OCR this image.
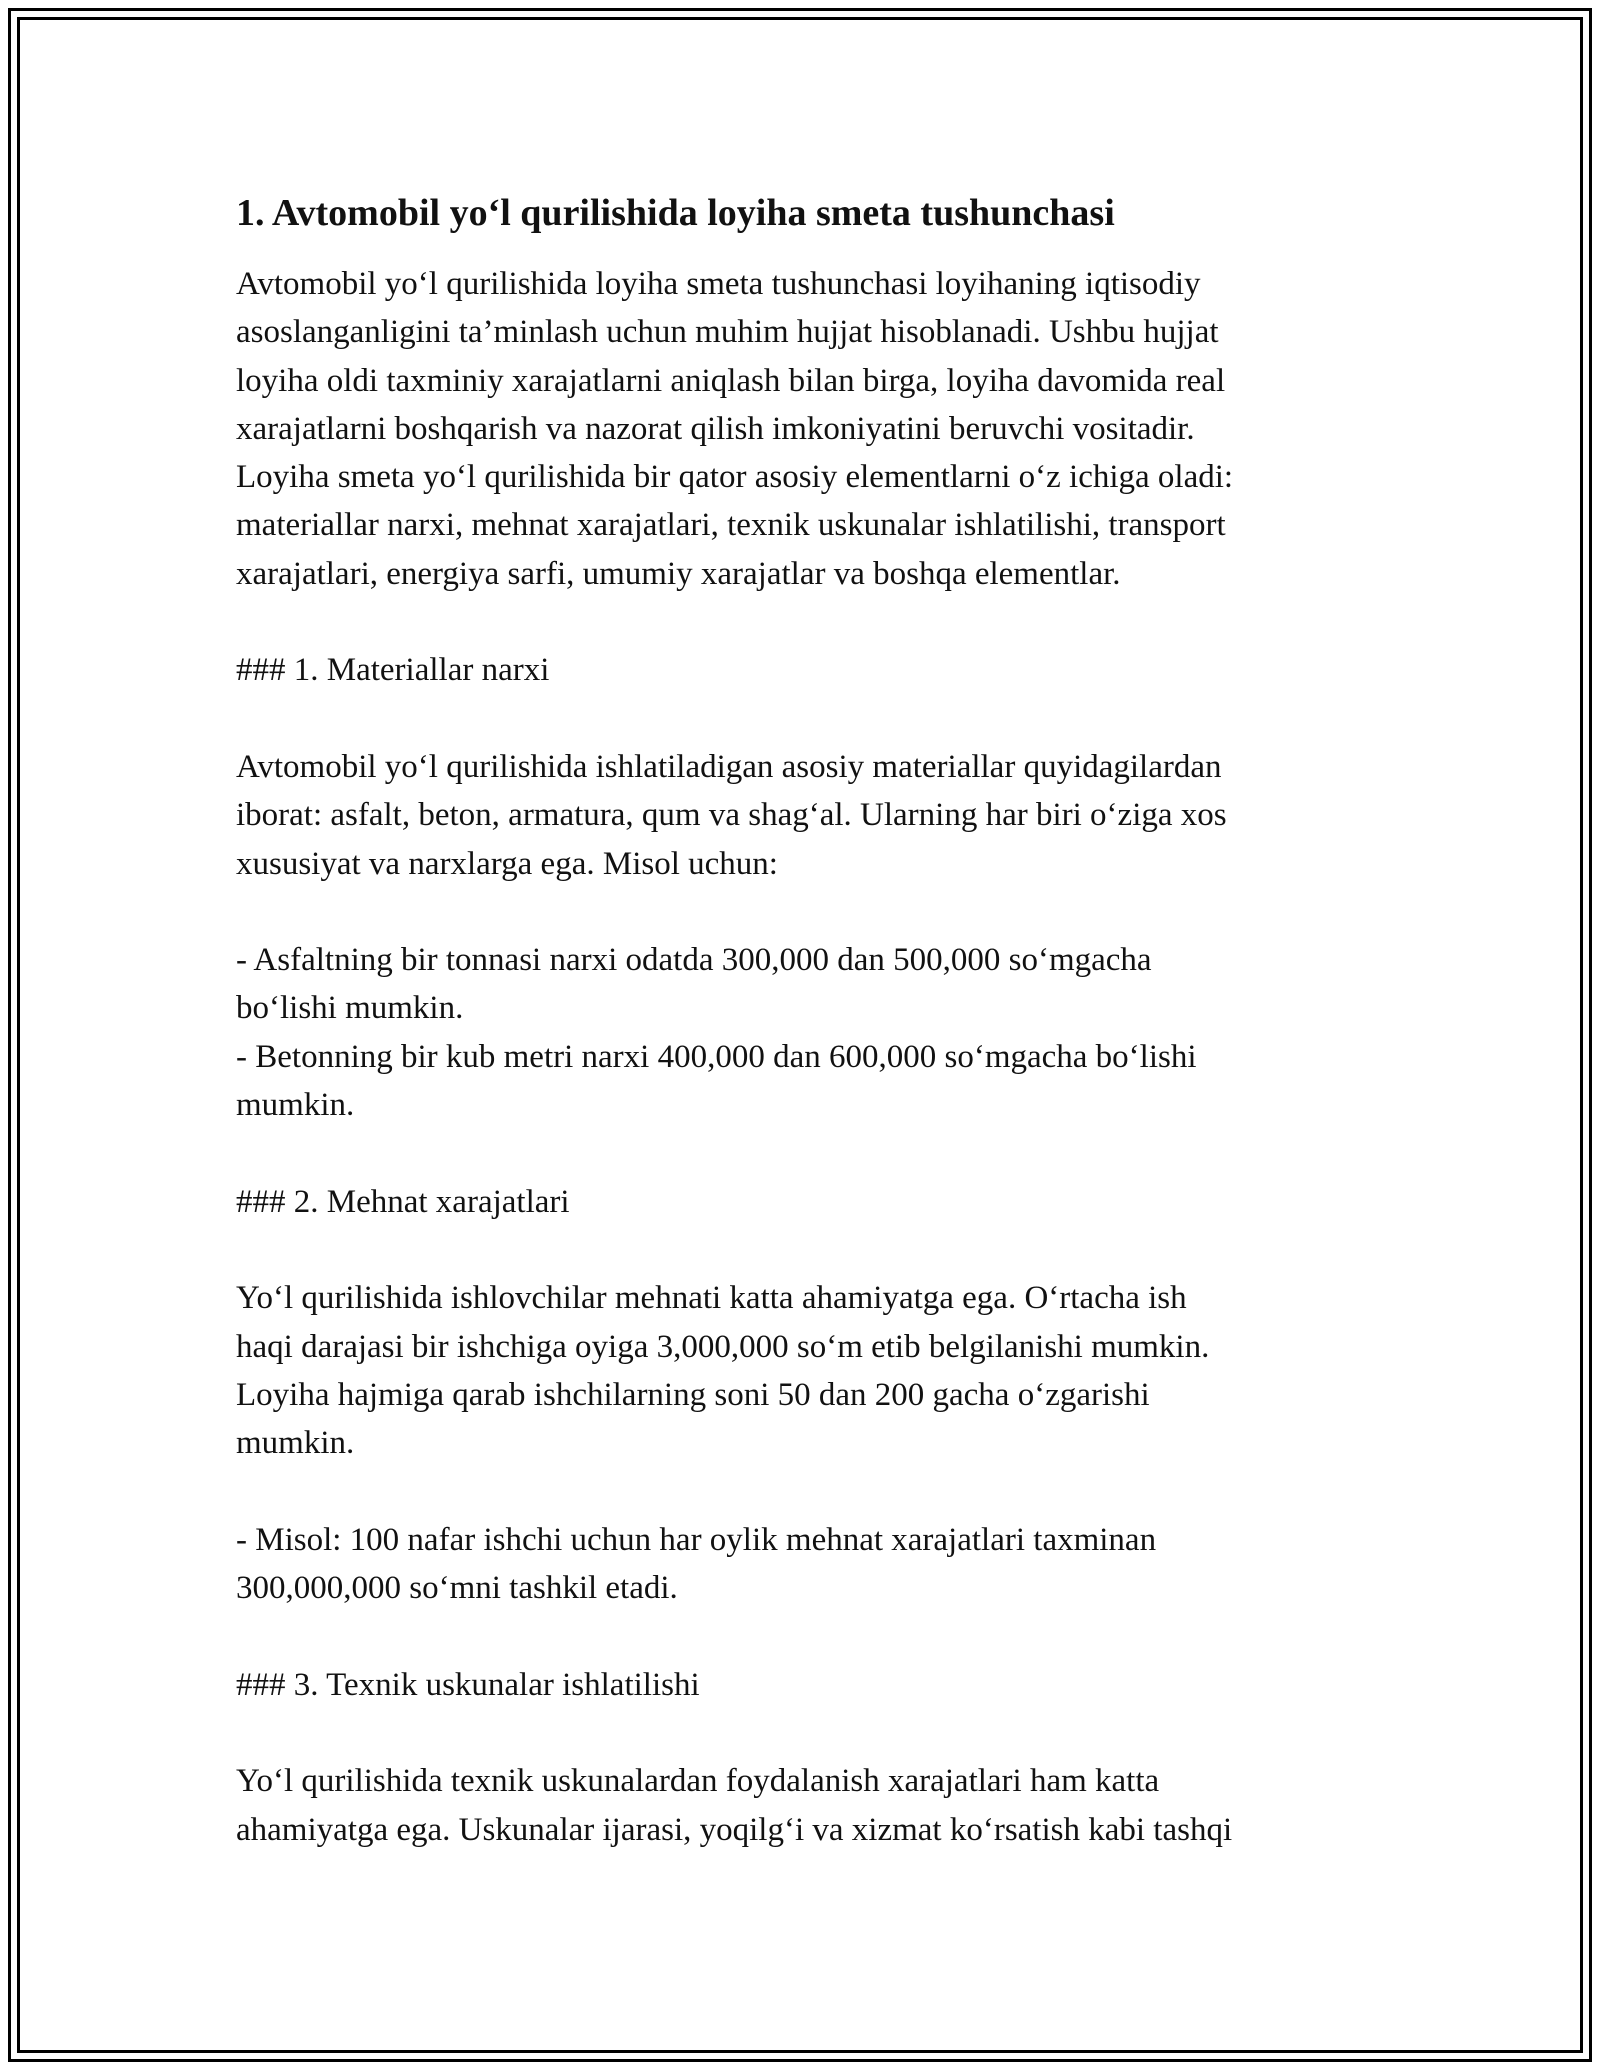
1. Avtomobil yo‘l qurilishida loyiha smeta tushunchasi

Avtomobil yo‘l qurilishida loyiha smeta tushunchasi loyihaning iqtisodiy
asoslanganligini ta’minlash uchun muhim hujjat hisoblanadi. Ushbu hujjat
loyiha oldi taxminiy xarajatlarni aniqlash bilan birga, loyiha davomida real
xarajatlarni boshqarish va nazorat qilish imkoniyatini beruvchi vositadir.
Loyiha smeta yo‘l qurilishida bir qator asosiy elementlarni o‘z ichiga oladi:
materiallar narxi, mehnat xarajatlari, texnik uskunalar ishlatilishi, transport
xarajatlari, energiya sarfi, umumiy xarajatlar va boshqa elementlar.

### 1. Materiallar narxi

Avtomobil yo‘l qurilishida ishlatiladigan asosiy materiallar quyidagilardan
iborat: asfalt, beton, armatura, qum va shag‘al. Ularning har biri o‘ziga xos
xususiyat va narxlarga ega. Misol uchun:

- Asfaltning bir tonnasi narxi odatda 300,000 dan 500,000 so‘mgacha
bo‘lishi mumkin.
- Betonning bir kub metri narxi 400,000 dan 600,000 so‘mgacha bo‘lishi
mumkin.

### 2. Mehnat xarajatlari

Yo‘l qurilishida ishlovchilar mehnati katta ahamiyatga ega. O‘rtacha ish
haqi darajasi bir ishchiga oyiga 3,000,000 so‘m etib belgilanishi mumkin.
Loyiha hajmiga qarab ishchilarning soni 50 dan 200 gacha o‘zgarishi
mumkin.

- Misol: 100 nafar ishchi uchun har oylik mehnat xarajatlari taxminan
300,000,000 so‘mni tashkil etadi.

### 3. Texnik uskunalar ishlatilishi

Yo‘l qurilishida texnik uskunalardan foydalanish xarajatlari ham katta
ahamiyatga ega. Uskunalar ijarasi, yoqilg‘i va xizmat ko‘rsatish kabi tashqi
